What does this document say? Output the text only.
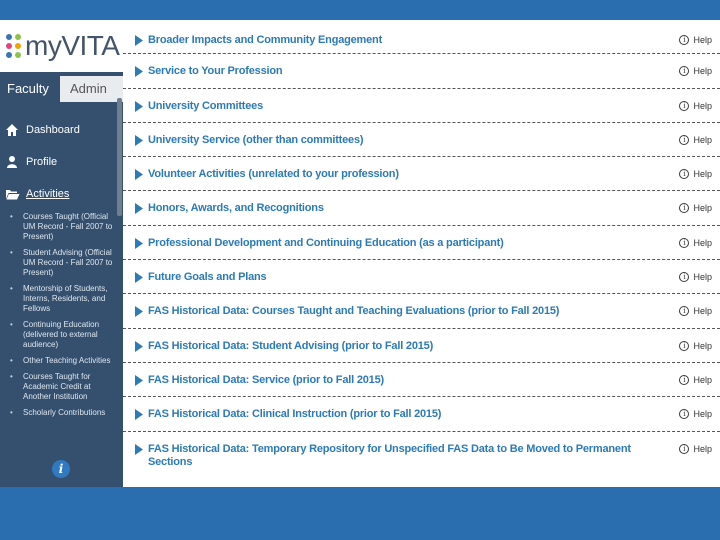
myVITA
Faculty	Admin
Dashboard
Profile
Activities
• Courses Taught (Official UM Record - Fall 2007 to Present)
• Student Advising (Official UM Record - Fall 2007 to Present)
• Mentorship of Students, Interns, Residents, and Fellows
• Continuing Education (delivered to external audience)
• Other Teaching Activities
• Courses Taught for Academic Credit at Another Institution
• Scholarly Contributions
i
Broader Impacts and Community Engagement	i Help
Service to Your Profession	i Help
University Committees	i Help
University Service (other than committees)	i Help
Volunteer Activities (unrelated to your profession)	i Help
Honors, Awards, and Recognitions	i Help
Professional Development and Continuing Education (as a participant)	i Help
Future Goals and Plans	i Help
FAS Historical Data: Courses Taught and Teaching Evaluations (prior to Fall 2015)	i Help
FAS Historical Data: Student Advising (prior to Fall 2015)	i Help
FAS Historical Data: Service (prior to Fall 2015)	i Help
FAS Historical Data: Clinical Instruction (prior to Fall 2015)	i Help
FAS Historical Data: Temporary Repository for Unspecified FAS Data to Be Moved to Permanent Sections
i Help
